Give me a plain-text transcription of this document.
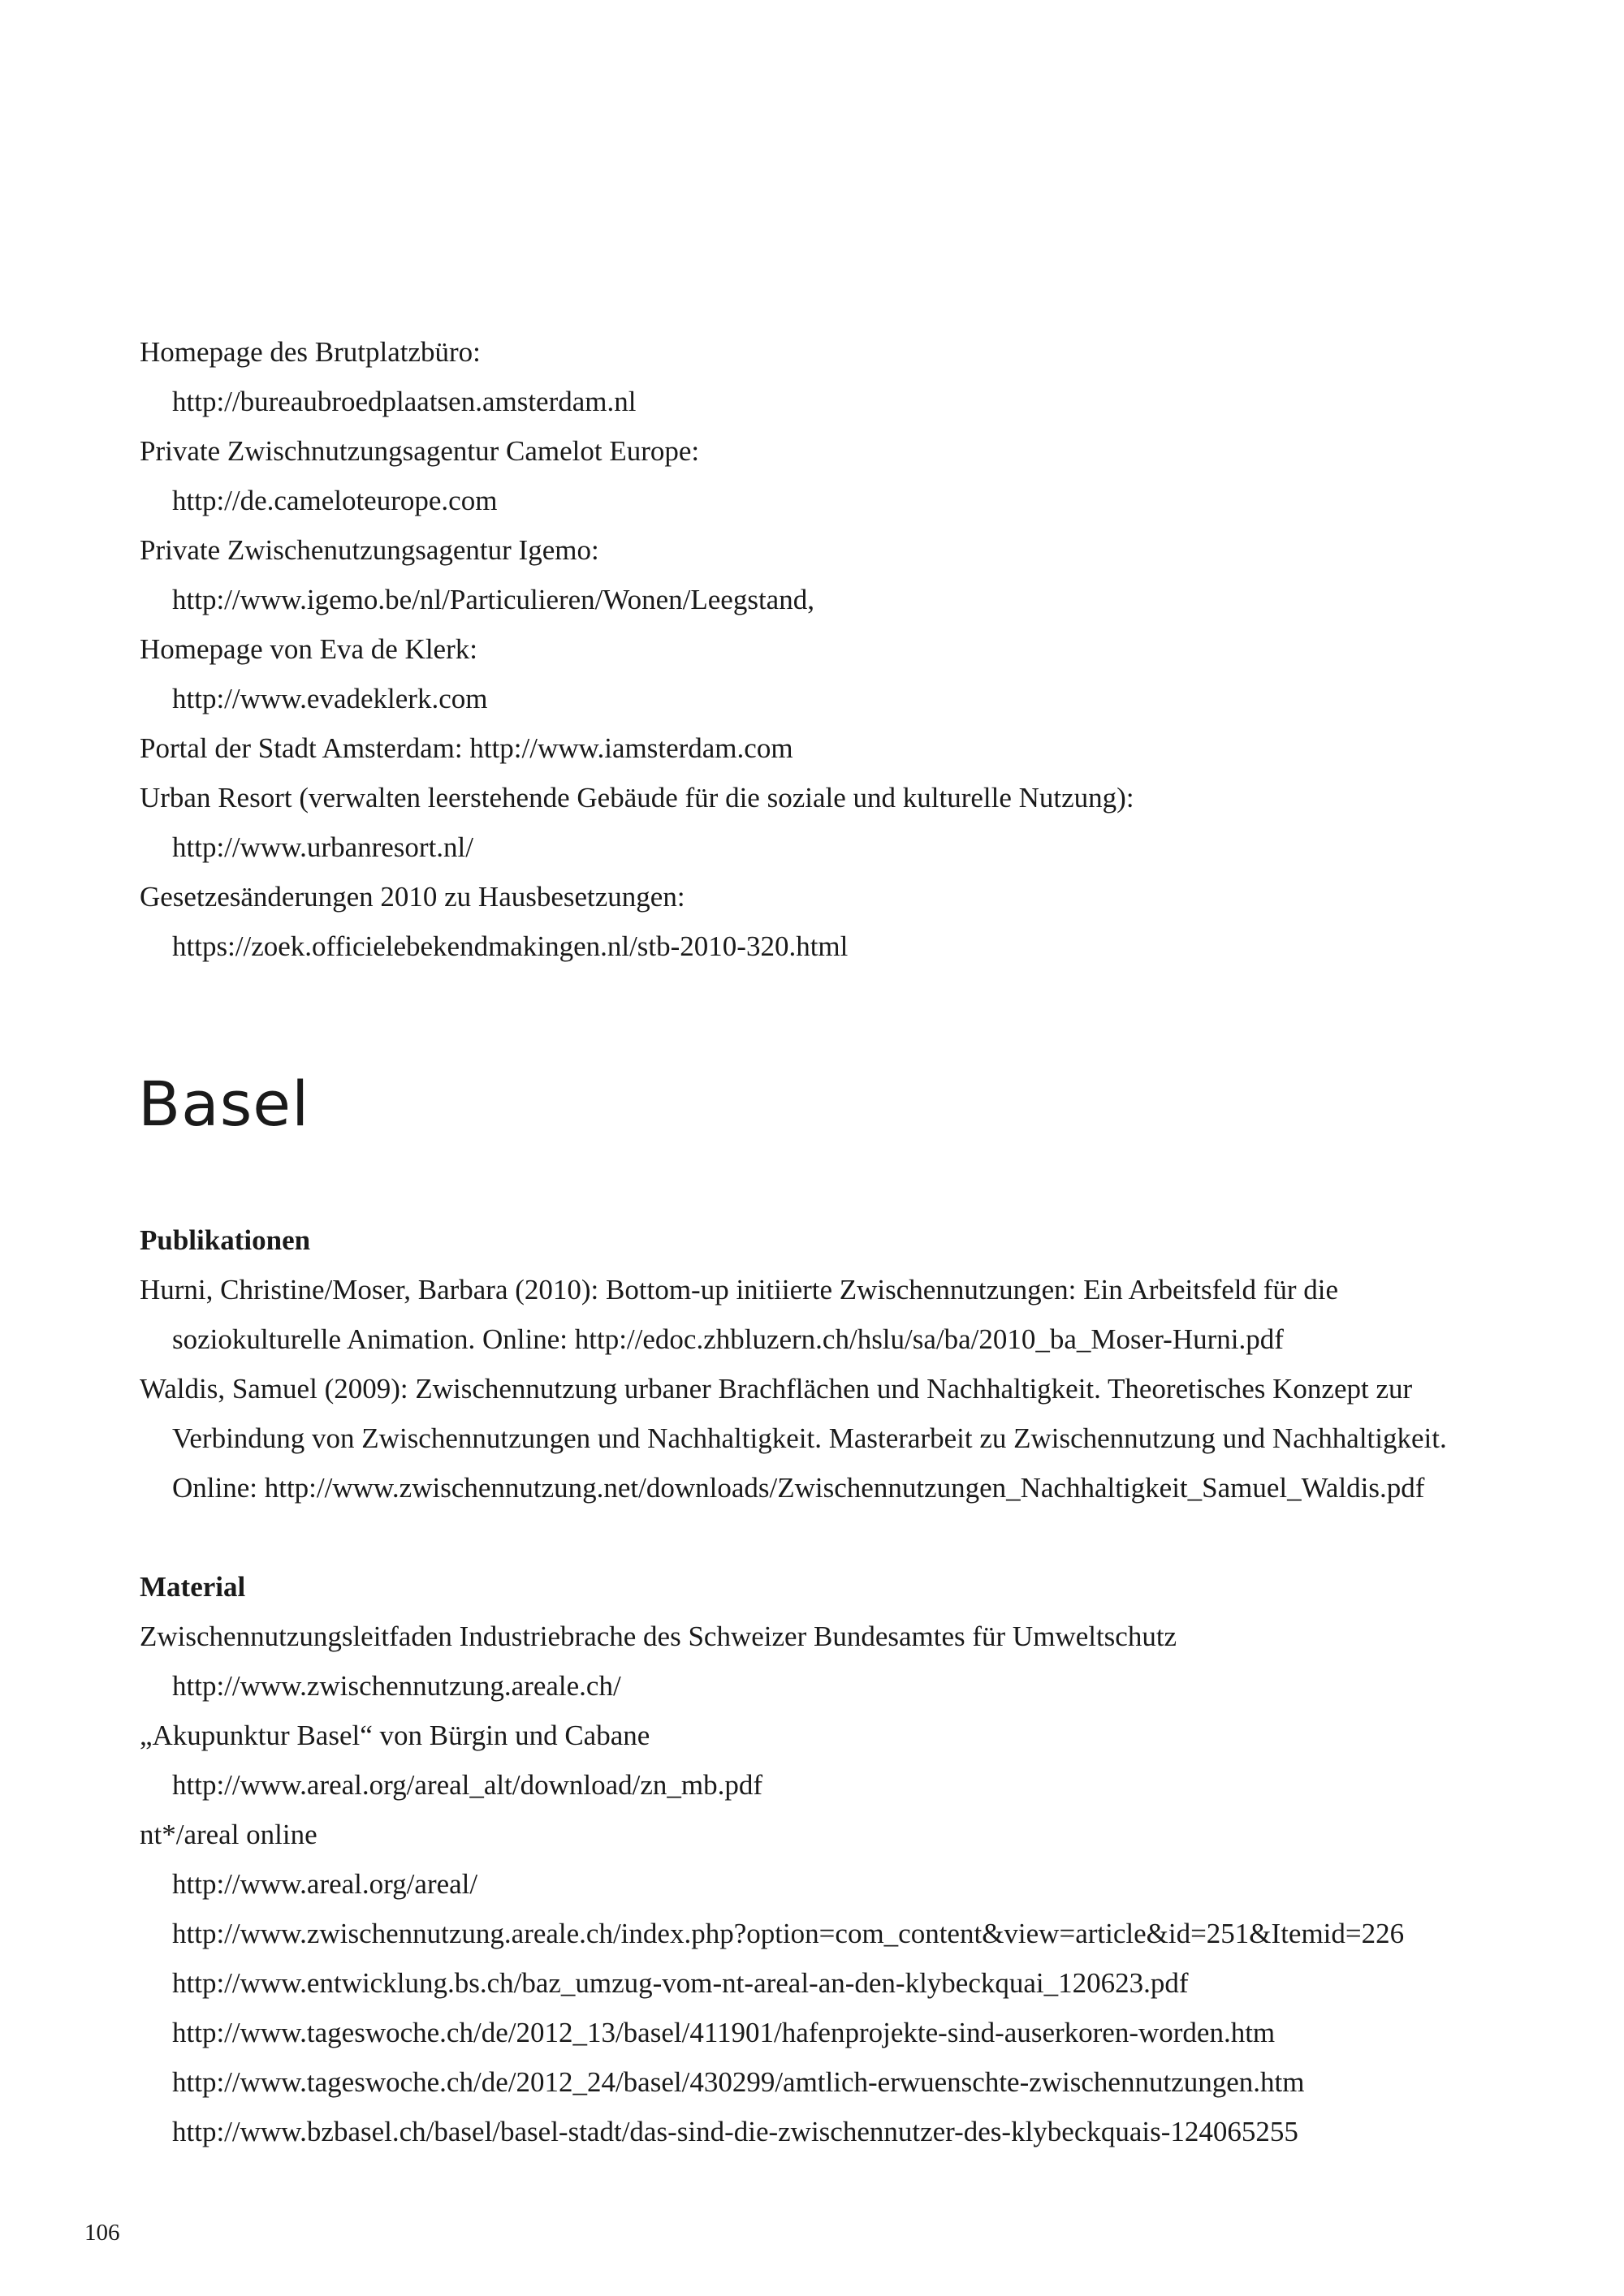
Homepage des Brutplatzbüro:
http://bureaubroedplaatsen.amsterdam.nl
Private Zwischnutzungsagentur Camelot Europe:
http://de.cameloteurope.com
Private Zwischenutzungsagentur Igemo:
http://www.igemo.be/nl/Particulieren/Wonen/Leegstand,
Homepage von Eva de Klerk:
http://www.evadeklerk.com
Portal der Stadt Amsterdam: http://www.iamsterdam.com
Urban Resort (verwalten leerstehende Gebäude für die soziale und kulturelle Nutzung):
http://www.urbanresort.nl/
Gesetzesänderungen 2010 zu Hausbesetzungen:
https://zoek.officielebekendmakingen.nl/stb-2010-320.html
Basel
Publikationen
Hurni, Christine/Moser, Barbara (2010): Bottom-up initiierte Zwischennutzungen: Ein Arbeitsfeld für die
soziokulturelle Animation. Online: http://edoc.zhbluzern.ch/hslu/sa/ba/2010_ba_Moser-Hurni.pdf
Waldis, Samuel (2009): Zwischennutzung urbaner Brachflächen und Nachhaltigkeit. Theoretisches Konzept zur
Verbindung von Zwischennutzungen und Nachhaltigkeit. Masterarbeit zu Zwischennutzung und Nachhaltigkeit.
Online: http://www.zwischennutzung.net/downloads/Zwischennutzungen_Nachhaltigkeit_Samuel_Waldis.pdf
Material
Zwischennutzungsleitfaden Industriebrache des Schweizer Bundesamtes für Umweltschutz
http://www.zwischennutzung.areale.ch/
„Akupunktur Basel“ von Bürgin und Cabane
http://www.areal.org/areal_alt/download/zn_mb.pdf
nt*/areal online
http://www.areal.org/areal/
http://www.zwischennutzung.areale.ch/index.php?option=com_content&view=article&id=251&Itemid=226
http://www.entwicklung.bs.ch/baz_umzug-vom-nt-areal-an-den-klybeckquai_120623.pdf
http://www.tageswoche.ch/de/2012_13/basel/411901/hafenprojekte-sind-auserkoren-worden.htm
http://www.tageswoche.ch/de/2012_24/basel/430299/amtlich-erwuenschte-zwischennutzungen.htm
http://www.bzbasel.ch/basel/basel-stadt/das-sind-die-zwischennutzer-des-klybeckquais-124065255
106
